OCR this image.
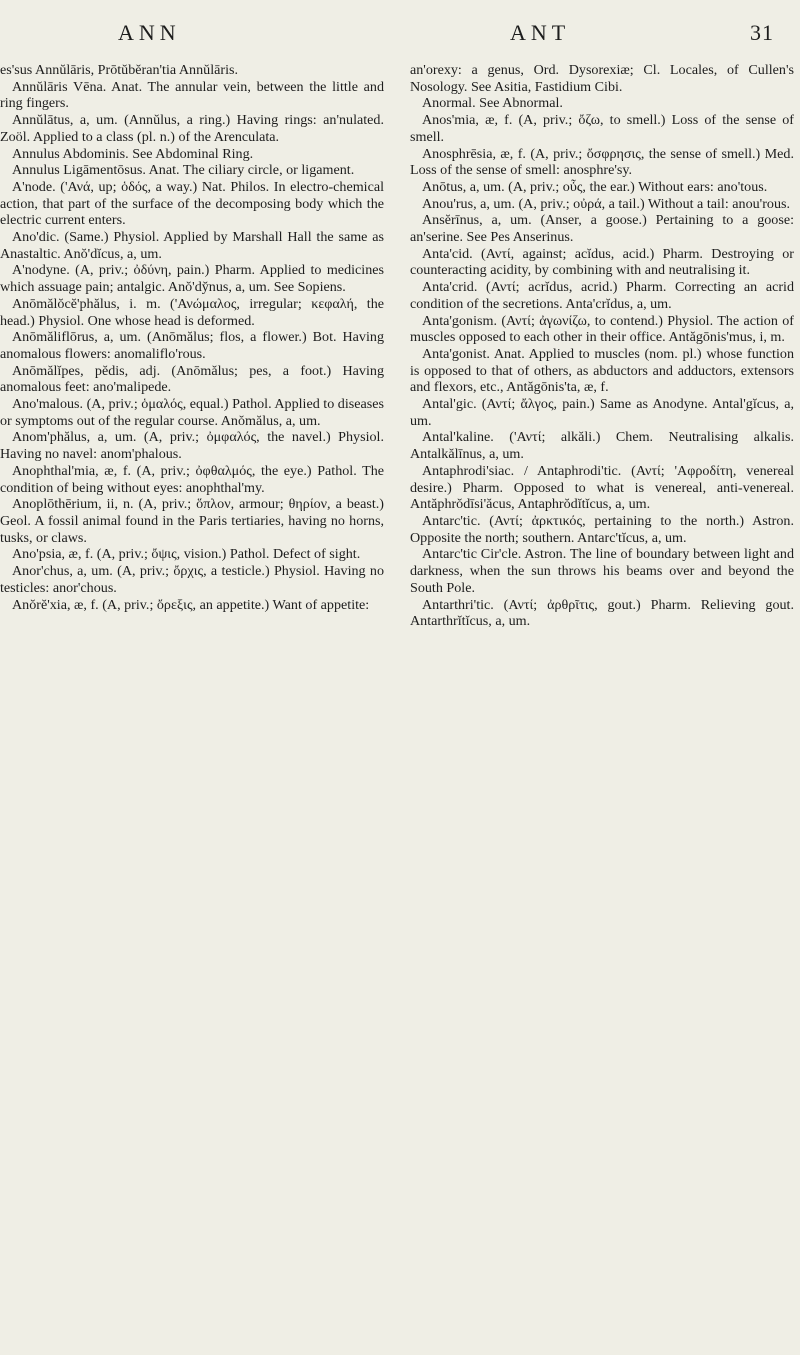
ANN	ANT	31

es'sus Annŭlāris, Prōtŭbĕran'tia Annŭlāris.

Annŭlāris Vēna. Anat. The annular vein, between the little and ring fingers.

Annŭlātus, a, um. (Annŭlus, a ring.) Having rings: an'nulated. Zoöl. Applied to a class (pl. n.) of the Arenculata.

Annulus Abdominis. See Abdominal Ring.

Annulus Ligāmentōsus. Anat. The ciliary circle, or ligament.

A'node. ('Ανά, up; ὁδός, a way.) Nat. Philos. In electro-chemical action, that part of the surface of the decomposing body which the electric current enters.

Ano'dic. (Same.) Physiol. Applied by Marshall Hall the same as Anastaltic. Anŏ'dĭcus, a, um.

A'nodyne. (A, priv.; ὀδύνη, pain.) Pharm. Applied to medicines which assuage pain; antalgic. Anŏ'dy̆nus, a, um. See Sopiens.

Anōmălŏcĕ'phălus, i. m. ('Ανώμαλος, irregular; κεφαλή, the head.) Physiol. One whose head is deformed.

Anōmăliflōrus, a, um. (Anōmălus; flos, a flower.) Bot. Having anomalous flowers: anomaliflo'rous.

Anōmălĭpes, pĕdis, adj. (Anōmălus; pes, a foot.) Having anomalous feet: ano'malipede.

Ano'malous. (A, priv.; ὁμαλός, equal.) Pathol. Applied to diseases or symptoms out of the regular course. Anŏmălus, a, um.

Anom'phălus, a, um. (A, priv.; ὀμφαλός, the navel.) Physiol. Having no navel: anom'phalous.

Anophthal'mia, æ, f. (A, priv.; ὀφθαλμός, the eye.) Pathol. The condition of being without eyes: anophthal'my.

Anoplōthērium, ii, n. (A, priv.; ὅπλον, armour; θηρίον, a beast.) Geol. A fossil animal found in the Paris tertiaries, having no horns, tusks, or claws.

Ano'psia, æ, f. (A, priv.; ὄψις, vision.) Pathol. Defect of sight.

Anor'chus, a, um. (A, priv.; ὄρχις, a testicle.) Physiol. Having no testicles: anor'chous.

Anŏrĕ'xia, æ, f. (A, priv.; ὄρεξις, an appetite.) Want of appetite:

an'orexy: a genus, Ord. Dysorexiæ; Cl. Locales, of Cullen's Nosology. See Asitia, Fastidium Cibi.

Anormal. See Abnormal.

Anos'mia, æ, f. (A, priv.; ὄζω, to smell.) Loss of the sense of smell.

Anosphrēsia, æ, f. (A, priv.; ὄσφρησις, the sense of smell.) Med. Loss of the sense of smell: anosphre'sy.

Anōtus, a, um. (A, priv.; οὖς, the ear.) Without ears: ano'tous.

Anou'rus, a, um. (A, priv.; οὐρά, a tail.) Without a tail: anou'rous.

Ansĕrīnus, a, um. (Anser, a goose.) Pertaining to a goose: an'serine. See Pes Anserinus.

Anta'cid. (Αντί, against; acĭdus, acid.) Pharm. Destroying or counteracting acidity, by combining with and neutralising it.

Anta'crid. (Αντί; acrĭdus, acrid.) Pharm. Correcting an acrid condition of the secretions. Anta'crĭdus, a, um.

Anta'gonism. (Αντί; ἀγωνίζω, to contend.) Physiol. The action of muscles opposed to each other in their office. Antăgōnis'mus, i, m.

Anta'gonist. Anat. Applied to muscles (nom. pl.) whose function is opposed to that of others, as abductors and adductors, extensors and flexors, etc., Antăgōnis'ta, æ, f.

Antal'gic. (Αντί; ἄλγος, pain.) Same as Anodyne. Antal'gĭcus, a, um.

Antal'kaline. ('Αντί; alkăli.) Chem. Neutralising alkalis. Antalkălīnus, a, um.

Antaphrodi'siac. / Antaphrodi'tic. (Αντί; 'Αφροδίτη, venereal desire.) Pharm. Opposed to what is venereal, anti-venereal. Antăphrŏdīsi'ăcus, Antaphrŏdĭtĭcus, a, um.

Antarc'tic. (Αντί; ἀρκτικός, pertaining to the north.) Astron. Opposite the north; southern. Antarc'tĭcus, a, um.

Antarc'tic Cir'cle. Astron. The line of boundary between light and darkness, when the sun throws his beams over and beyond the South Pole.

Antarthri'tic. (Αντί; ἀρθρῖτις, gout.) Pharm. Relieving gout. Antarthrĭtĭcus, a, um.
